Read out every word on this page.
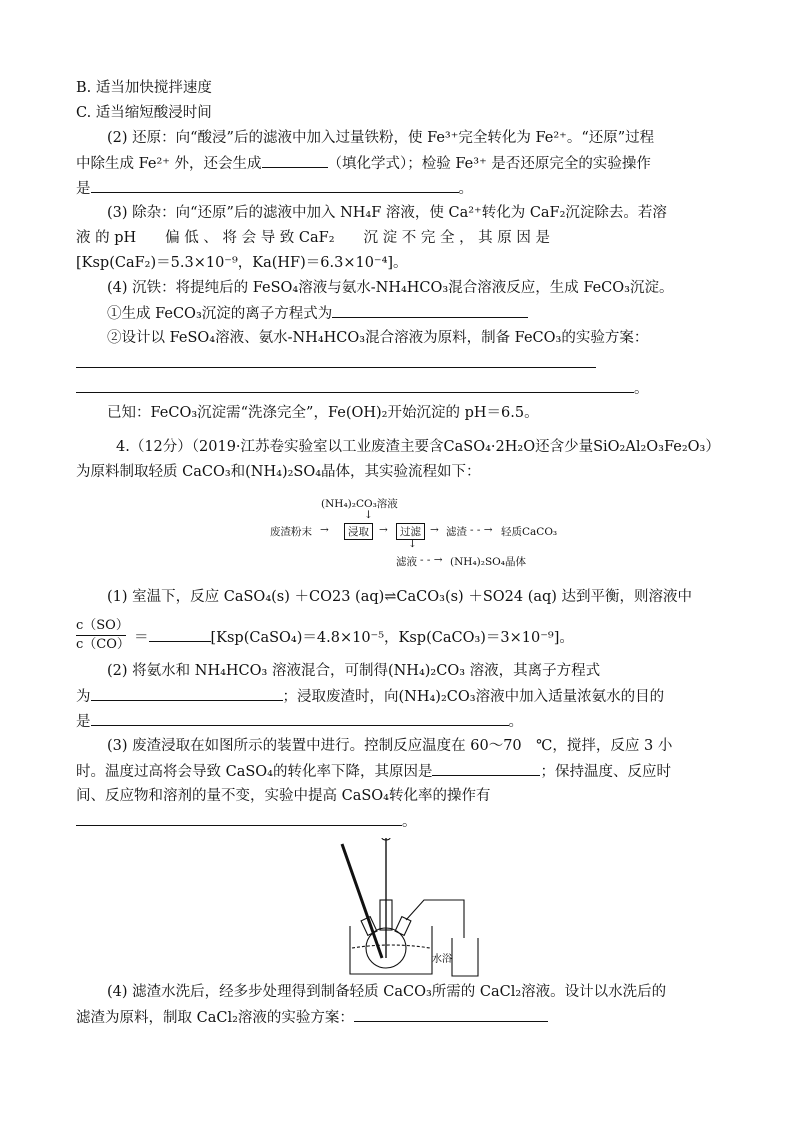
B. 适当加快搅拌速度
C. 适当缩短酸浸时间
(2) 还原：向“酸浸”后的滤液中加入过量铁粉，使 Fe³⁺完全转化为 Fe²⁺。“还原”过程
中除生成 Fe²⁺ 外，还会生成	（填化学式）；检验 Fe³⁺ 是否还原完全的实验操作
是	。
(3) 除杂：向“还原”后的滤液中加入 NH₄F 溶液，使 Ca²⁺转化为 CaF₂沉淀除去。若溶
液 的 pH　　偏 低 、 将 会 导 致 CaF₂　　沉 淀 不 完 全 ， 其 原 因 是
[Ksp(CaF₂)＝5.3×10⁻⁹，Ka(HF)＝6.3×10⁻⁴]。
(4) 沉铁：将提纯后的 FeSO₄溶液与氨水-NH₄HCO₃混合溶液反应，生成 FeCO₃沉淀。
①生成 FeCO₃沉淀的离子方程式为
②设计以 FeSO₄溶液、氨水-NH₄HCO₃混合溶液为原料，制备 FeCO₃的实验方案：
。
已知：FeCO₃沉淀需“洗涤完全”，Fe(OH)₂开始沉淀的 pH＝6.5。
4.（12分）（2019·江苏卷实验室以工业废渣主要含CaSO₄·2H₂O还含少量SiO₂Al₂O₃Fe₂O₃）
为原料制取轻质 CaCO₃和(NH₄)₂SO₄晶体，其实验流程如下：
(NH₄)₂CO₃溶液
↓
废渣粉末 →	浸取 →	过滤 → 滤渣 - - → 轻质CaCO₃
↓
滤液 - - → (NH₄)₂SO₄晶体
(1) 室温下，反应 CaSO₄(s) ＋CO23 (aq)⇌CaCO₃(s) ＋SO24 (aq) 达到平衡，则溶液中
c（SO）
c（CO） ＝	[Ksp(CaSO₄)＝4.8×10⁻⁵，Ksp(CaCO₃)＝3×10⁻⁹]。
(2) 将氨水和 NH₄HCO₃ 溶液混合，可制得(NH₄)₂CO₃ 溶液，其离子方程式
为	；浸取废渣时，向(NH₄)₂CO₃溶液中加入适量浓氨水的目的
是	。
(3) 废渣浸取在如图所示的装置中进行。控制反应温度在 60～70　℃，搅拌，反应 3 小
时。温度过高将会导致 CaSO₄的转化率下降，其原因是	；保持温度、反应时
间、反应物和溶剂的量不变，实验中提高 CaSO₄转化率的操作有
。
水浴
(4) 滤渣水洗后，经多步处理得到制备轻质 CaCO₃所需的 CaCl₂溶液。设计以水洗后的
滤渣为原料，制取 CaCl₂溶液的实验方案：
